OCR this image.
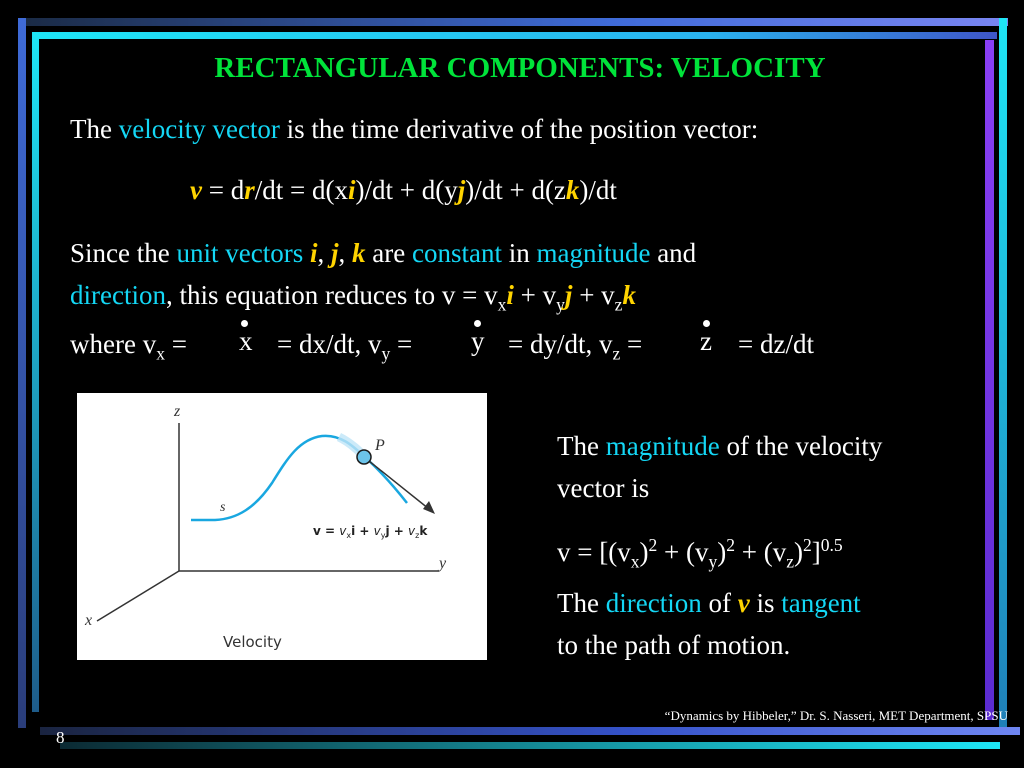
RECTANGULAR COMPONENTS: VELOCITY
The velocity vector is the time derivative of the position vector:
v = dr/dt = d(xi)/dt + d(yj)/dt + d(zk)/dt
Since the unit vectors i, j, k are constant in magnitude and
direction, this equation reduces to $v = v_xi + v_yj + v_zk$
where $v_x = x = dx/dt$, $v_y = y = dy/dt$, $v_z = z = dz/dt$
z
y
x
P
s
$v = v_xi + v_yj + v_zk$
Velocity
The magnitude of the velocity
vector is
$v = [(v_x)^2 + (v_y)^2 + (v_z)^2]^{0.5}$
The direction of v is tangent
to the path of motion.
“Dynamics by Hibbeler,” Dr. S. Nasseri, MET Department, SPSU
8
